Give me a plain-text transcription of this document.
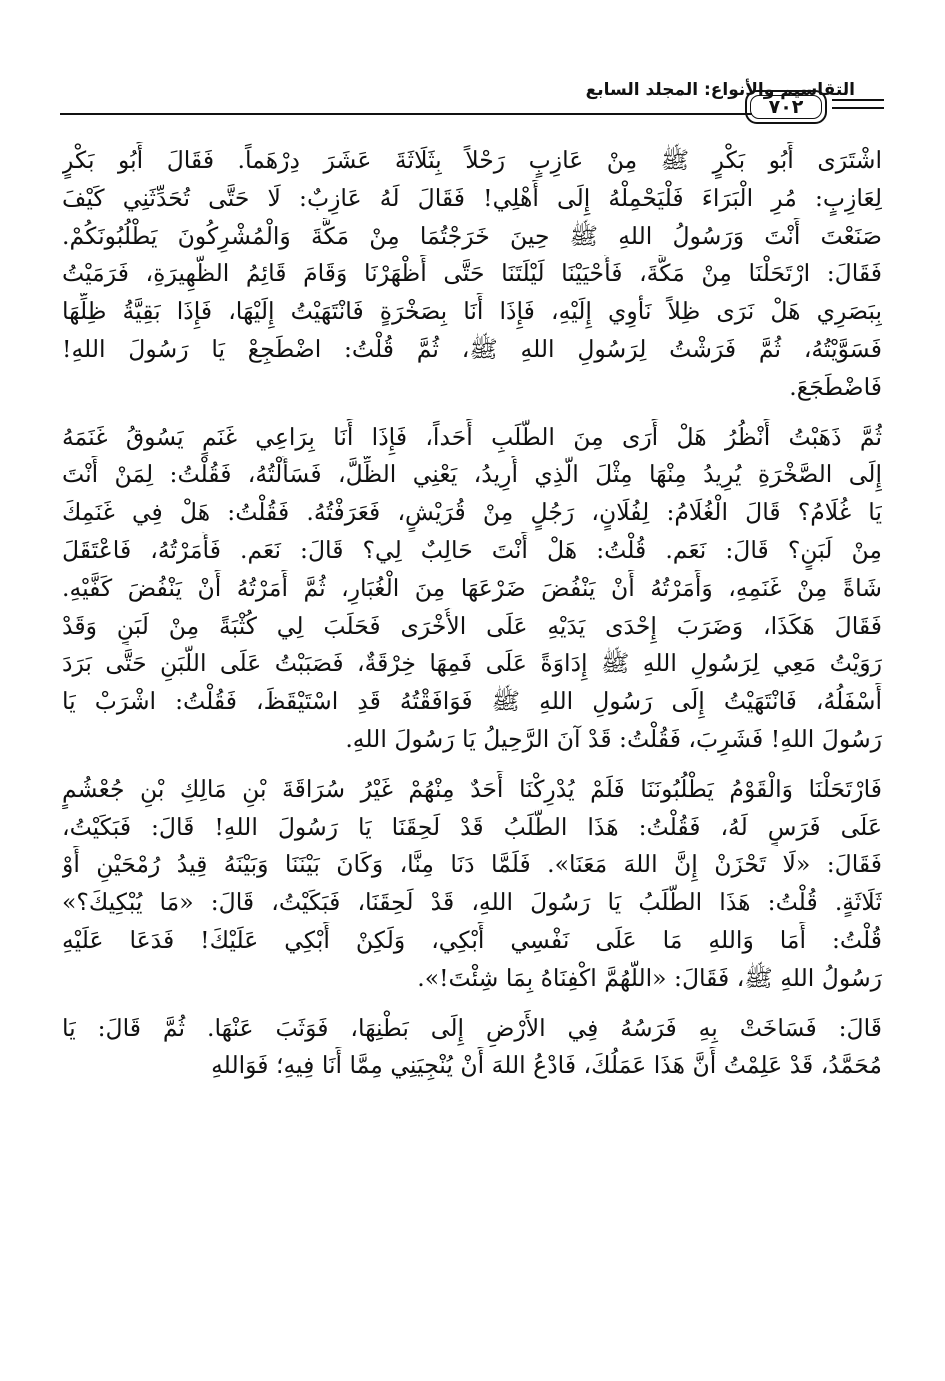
التقاسيم والأنواع: المجلد السابع
٧٠٢
اشْتَرَى أَبُو بَكْرٍ ﷺ مِنْ عَازِبٍ رَحْلاً بِثَلَاثَةَ عَشَرَ دِرْهَماً. فَقَالَ أَبُو بَكْرٍ
لِعَازِبٍ: مُرِ الْبَرَاءَ فَلْيَحْمِلْهُ إِلَى أَهْلِي! فَقَالَ لَهُ عَازِبٌ: لَا حَتَّى تُحَدِّثَنِي كَيْفَ
صَنَعْتَ أَنْتَ وَرَسُولُ اللهِ ﷺ حِينَ خَرَجْتُمَا مِنْ مَكَّةَ وَالْمُشْرِكُونَ يَطْلُبُونَكُمْ.
فَقَالَ: ارْتَحَلْنَا مِنْ مَكَّةَ، فَأَحْيَيْنَا لَيْلَتَنَا حَتَّى أَظْهَرْنَا وَقَامَ قَائِمُ الظَّهِيرَةِ، فَرَمَيْتُ
بِبَصَرِي هَلْ نَرَى ظِلاً نَأْوِي إِلَيْهِ، فَإِذَا أَنَا بِصَخْرَةٍ فَانْتَهَيْتُ إِلَيْهَا، فَإِذَا بَقِيَّةُ ظِلِّهَا
فَسَوَّيْتُهُ، ثُمَّ فَرَشْتُ لِرَسُولِ اللهِ ﷺ، ثُمَّ قُلْتُ: اضْطَجِعْ يَا رَسُولَ اللهِ!
فَاضْطَجَعَ.
ثُمَّ ذَهَبْتُ أَنْظُرُ هَلْ أَرَى مِنَ الطَّلَبِ أَحَداً، فَإِذَا أَنَا بِرَاعِي غَنَمٍ يَسُوقُ غَنَمَهُ
إِلَى الصَّخْرَةِ يُرِيدُ مِنْهَا مِثْلَ الَّذِي أُرِيدُ، يَعْنِي الظِّلَّ، فَسَأَلْتُهُ، فَقُلْتُ: لِمَنْ أَنْتَ
يَا غُلَامُ؟ قَالَ الْغُلَامُ: لِفُلَانٍ، رَجُلٍ مِنْ قُرَيْشٍ، فَعَرَفْتُهُ. فَقُلْتُ: هَلْ فِي غَنَمِكَ
مِنْ لَبَنٍ؟ قَالَ: نَعَم. قُلْتُ: هَلْ أَنْتَ حَالِبٌ لِي؟ قَالَ: نَعَم. فَأَمَرْتُهُ، فَاعْتَقَلَ
شَاةً مِنْ غَنَمِهِ، وَأَمَرْتُهُ أَنْ يَنْفُضَ ضَرْعَهَا مِنَ الْغُبَارِ، ثُمَّ أَمَرْتُهُ أَنْ يَنْفُضَ كَفَّيْهِ.
فَقَالَ هَكَذَا، وَضَرَبَ إِحْدَى يَدَيْهِ عَلَى الأُخْرَى فَحَلَبَ لِي كُثْبَةً مِنْ لَبَنٍ وَقَدْ
رَوَيْتُ مَعِي لِرَسُولِ اللهِ ﷺ إِدَاوَةً عَلَى فَمِهَا خِرْقَةٌ، فَصَبَبْتُ عَلَى اللَّبَنِ حَتَّى بَرَدَ
أَسْفَلُهُ، فَانْتَهَيْتُ إِلَى رَسُولِ اللهِ ﷺ فَوَافَقْتُهُ قَدِ اسْتَيْقَظَ، فَقُلْتُ: اشْرَبْ يَا
رَسُولَ اللهِ! فَشَرِبَ، فَقُلْتُ: قَدْ آنَ الرَّحِيلُ يَا رَسُولَ اللهِ.
فَارْتَحَلْنَا وَالْقَوْمُ يَطْلُبُونَنَا فَلَمْ يُدْرِكْنَا أَحَدٌ مِنْهُمْ غَيْرُ سُرَاقَةَ بْنِ مَالِكِ بْنِ جُعْشُمٍ
عَلَى فَرَسٍ لَهُ، فَقُلْتُ: هَذَا الطَّلَبُ قَدْ لَحِقَنَا يَا رَسُولَ اللهِ! قَالَ: فَبَكَيْتُ،
فَقَالَ: «لَا تَحْزَنْ إِنَّ اللهَ مَعَنَا». فَلَمَّا دَنَا مِنَّا، وَكَانَ بَيْنَنَا وَبَيْنَهُ قِيدُ رُمْحَيْنِ أَوْ
ثَلَاثَةٍ. قُلْتُ: هَذَا الطَّلَبُ يَا رَسُولَ اللهِ، قَدْ لَحِقَنَا، فَبَكَيْتُ، قَالَ: «مَا يُبْكِيكَ؟»
قُلْتُ: أَمَا وَاللهِ مَا عَلَى نَفْسِي أَبْكِي، وَلَكِنْ أَبْكِي عَلَيْكَ! فَدَعَا عَلَيْهِ
رَسُولُ اللهِ ﷺ، فَقَالَ: «اللَّهُمَّ اكْفِنَاهُ بِمَا شِئْتَ!».
قَالَ: فَسَاخَتْ بِهِ فَرَسُهُ فِي الأَرْضِ إِلَى بَطْنِهَا، فَوَثَبَ عَنْهَا. ثُمَّ قَالَ: يَا
مُحَمَّدُ، قَدْ عَلِمْتُ أَنَّ هَذَا عَمَلُكَ، فَادْعُ اللهَ أَنْ يُنْجِيَنِي مِمَّا أَنَا فِيهِ؛ فَوَاللهِ
